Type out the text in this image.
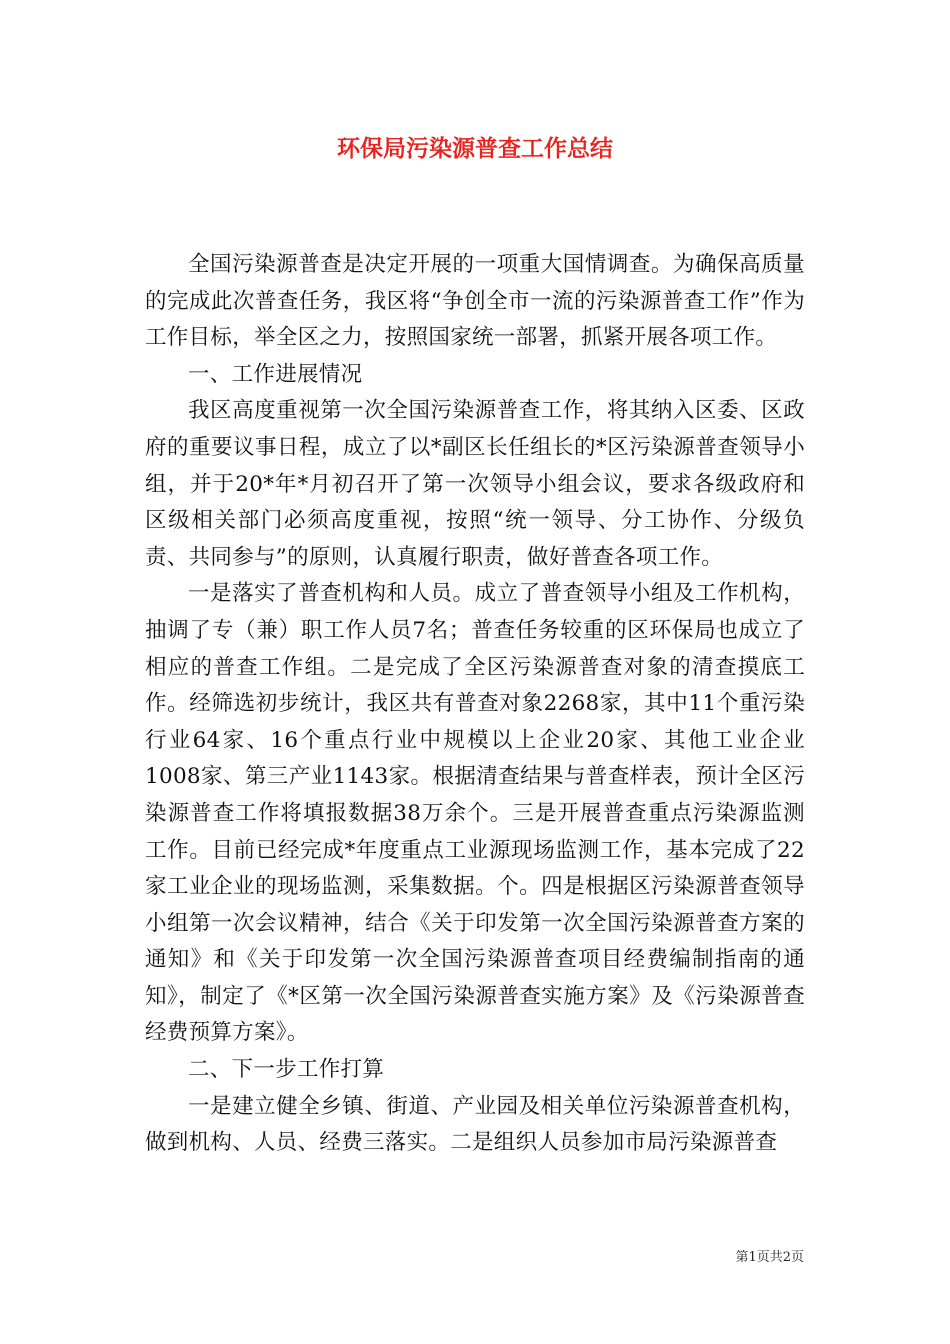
环保局污染源普查工作总结

全国污染源普查是决定开展的一项重大国情调查。为确保高质量的完成此次普查任务，我区将“争创全市一流的污染源普查工作”作为工作目标，举全区之力，按照国家统一部署，抓紧开展各项工作。

一、工作进展情况

我区高度重视第一次全国污染源普查工作，将其纳入区委、区政府的重要议事日程，成立了以*副区长任组长的*区污染源普查领导小组，并于20*年*月初召开了第一次领导小组会议，要求各级政府和区级相关部门必须高度重视，按照“统一领导、分工协作、分级负责、共同参与”的原则，认真履行职责，做好普查各项工作。

一是落实了普查机构和人员。成立了普查领导小组及工作机构，抽调了专（兼）职工作人员7名；普查任务较重的区环保局也成立了相应的普查工作组。二是完成了全区污染源普查对象的清查摸底工作。经筛选初步统计，我区共有普查对象2268家，其中11个重污染行业64家、16个重点行业中规模以上企业20家、其他工业企业1008家、第三产业1143家。根据清查结果与普查样表，预计全区污染源普查工作将填报数据38万余个。三是开展普查重点污染源监测工作。目前已经完成*年度重点工业源现场监测工作，基本完成了22家工业企业的现场监测，采集数据。个。四是根据区污染源普查领导小组第一次会议精神，结合《关于印发第一次全国污染源普查方案的通知》和《关于印发第一次全国污染源普查项目经费编制指南的通知》，制定了《*区第一次全国污染源普查实施方案》及《污染源普查经费预算方案》。

二、下一步工作打算

一是建立健全乡镇、街道、产业园及相关单位污染源普查机构，做到机构、人员、经费三落实。二是组织人员参加市局污染源普查

第1页共2页
